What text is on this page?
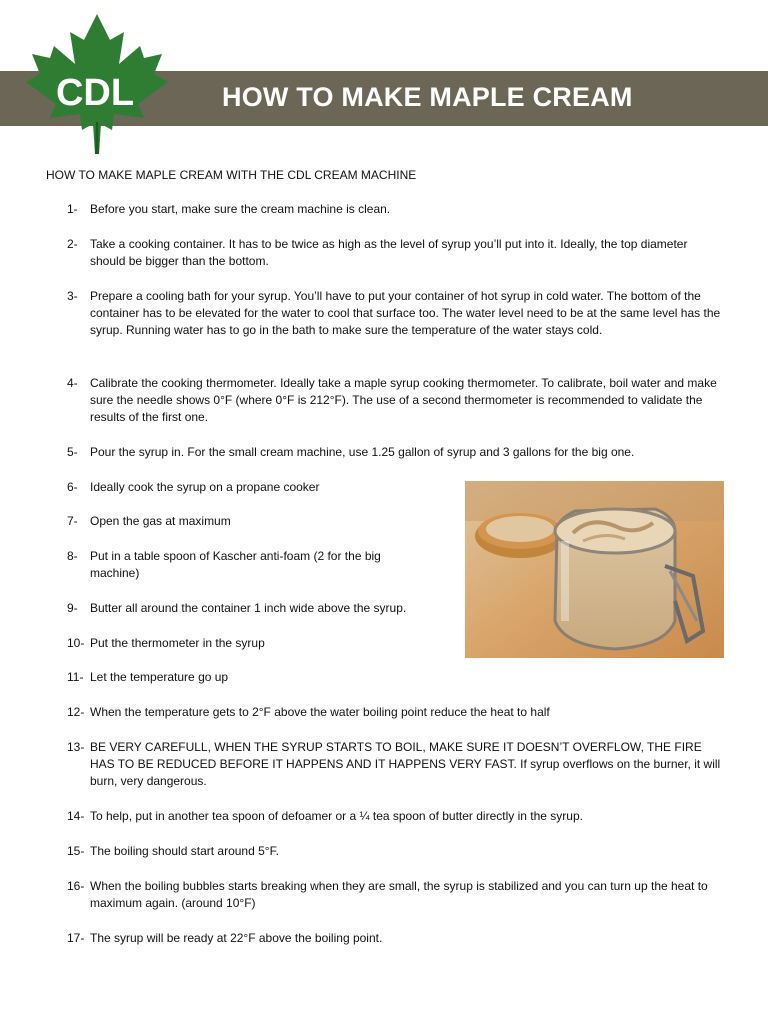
CDL	HOW TO MAKE MAPLE CREAM
HOW TO MAKE MAPLE CREAM WITH THE CDL CREAM MACHINE
1- Before you start, make sure the cream machine is clean.
2- Take a cooking container. It has to be twice as high as the level of syrup you’ll put into it. Ideally, the top diameter should be bigger than the bottom.
3- Prepare a cooling bath for your syrup. You’ll have to put your container of hot syrup in cold water. The bottom of the container has to be elevated for the water to cool that surface too. The water level need to be at the same level has the syrup. Running water has to go in the bath to make sure the temperature of the water stays cold.
4- Calibrate the cooking thermometer. Ideally take a maple syrup cooking thermometer. To calibrate, boil water and make sure the needle shows 0°F (where 0°F is 212°F). The use of a second thermometer is recommended to validate the results of the first one.
5- Pour the syrup in. For the small cream machine, use 1.25 gallon of syrup and 3 gallons for the big one.
6- Ideally cook the syrup on a propane cooker
7- Open the gas at maximum
8- Put in a table spoon of Kascher anti-foam (2 for the big machine)
9- Butter all around the container 1 inch wide above the syrup.
10- Put the thermometer in the syrup
11- Let the temperature go up
12- When the temperature gets to 2°F above the water boiling point reduce the heat to half
13- BE VERY CAREFULL, WHEN THE SYRUP STARTS TO BOIL, MAKE SURE IT DOESN’T OVERFLOW, THE FIRE HAS TO BE REDUCED BEFORE IT HAPPENS AND IT HAPPENS VERY FAST. If syrup overflows on the burner, it will burn, very dangerous.
14- To help, put in another tea spoon of defoamer or a ¼ tea spoon of butter directly in the syrup.
15- The boiling should start around 5°F.
16- When the boiling bubbles starts breaking when they are small, the syrup is stabilized and you can turn up the heat to maximum again. (around 10°F)
17- The syrup will be ready at 22°F above the boiling point.
